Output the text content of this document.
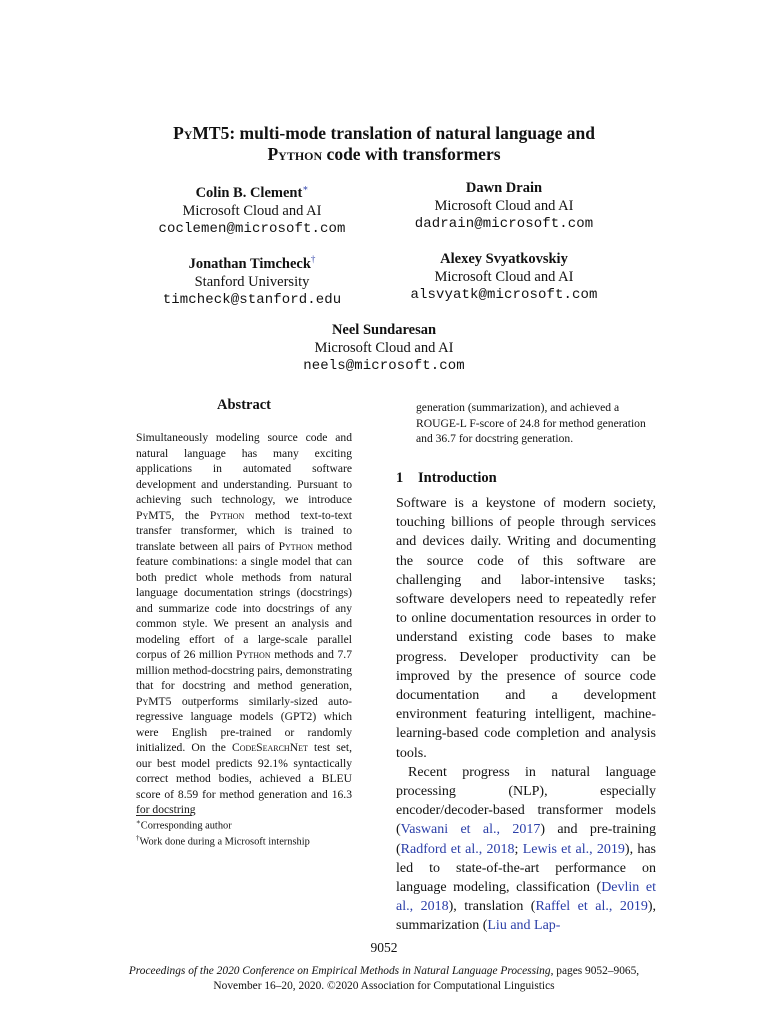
PyMT5: multi-mode translation of natural language and
Python code with transformers
Colin B. Clement∗
Microsoft Cloud and AI
coclemen@microsoft.com
Dawn Drain
Microsoft Cloud and AI
dadrain@microsoft.com
Jonathan Timcheck†
Stanford University
timcheck@stanford.edu
Alexey Svyatkovskiy
Microsoft Cloud and AI
alsvyatk@microsoft.com
Neel Sundaresan
Microsoft Cloud and AI
neels@microsoft.com
Abstract
Simultaneously modeling source code and natural language has many exciting applications in automated software development and understanding. Pursuant to achieving such technology, we introduce PyMT5, the Python method text-to-text transfer transformer, which is trained to translate between all pairs of Python method feature combinations: a single model that can both predict whole methods from natural language documentation strings (docstrings) and summarize code into docstrings of any common style. We present an analysis and modeling effort of a large-scale parallel corpus of 26 million Python methods and 7.7 million method-docstring pairs, demonstrating that for docstring and method generation, PyMT5 outperforms similarly-sized auto-regressive language models (GPT2) which were English pre-trained or randomly initialized. On the CodeSearchNet test set, our best model predicts 92.1% syntactically correct method bodies, achieved a BLEU score of 8.59 for method generation and 16.3 for docstring
generation (summarization), and achieved a ROUGE-L F-score of 24.8 for method generation and 36.7 for docstring generation.
∗Corresponding author
†Work done during a Microsoft internship
1 Introduction

Software is a keystone of modern society, touching billions of people through services and devices daily. Writing and documenting the source code of this software are challenging and labor-intensive tasks; software developers need to repeatedly refer to online documentation resources in order to understand existing code bases to make progress. Developer productivity can be improved by the presence of source code documentation and a development environment featuring intelligent, machine-learning-based code completion and analysis tools.

Recent progress in natural language processing (NLP), especially encoder/decoder-based transformer models (Vaswani et al., 2017) and pre-training (Radford et al., 2018; Lewis et al., 2019), has led to state-of-the-art performance on language modeling, classification (Devlin et al., 2018), translation (Raffel et al., 2019), summarization (Liu and Lap-

9052
Proceedings of the 2020 Conference on Empirical Methods in Natural Language Processing, pages 9052–9065,
November 16–20, 2020. ©2020 Association for Computational Linguistics
